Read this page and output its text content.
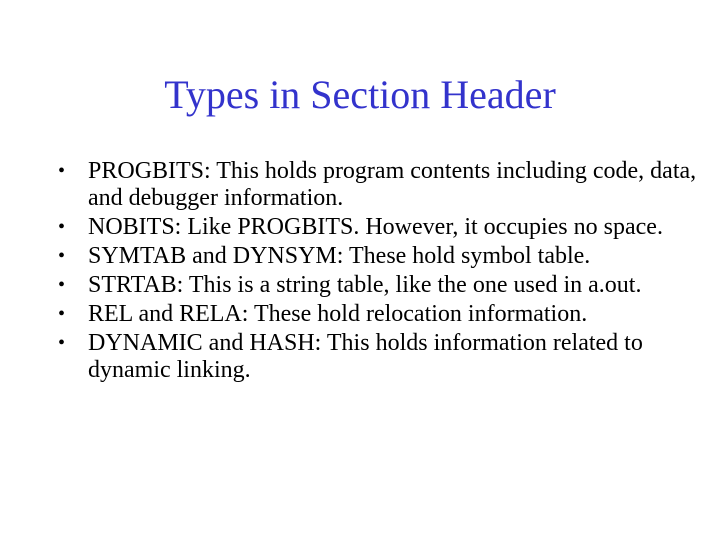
Types in Section Header
• PROGBITS: This holds program contents including code, data, and debugger information.
• NOBITS: Like PROGBITS. However, it occupies no space.
• SYMTAB and DYNSYM: These hold symbol table.
• STRTAB: This is a string table, like the one used in a.out.
• REL and RELA: These hold relocation information.
• DYNAMIC and HASH: This holds information related to dynamic linking.
